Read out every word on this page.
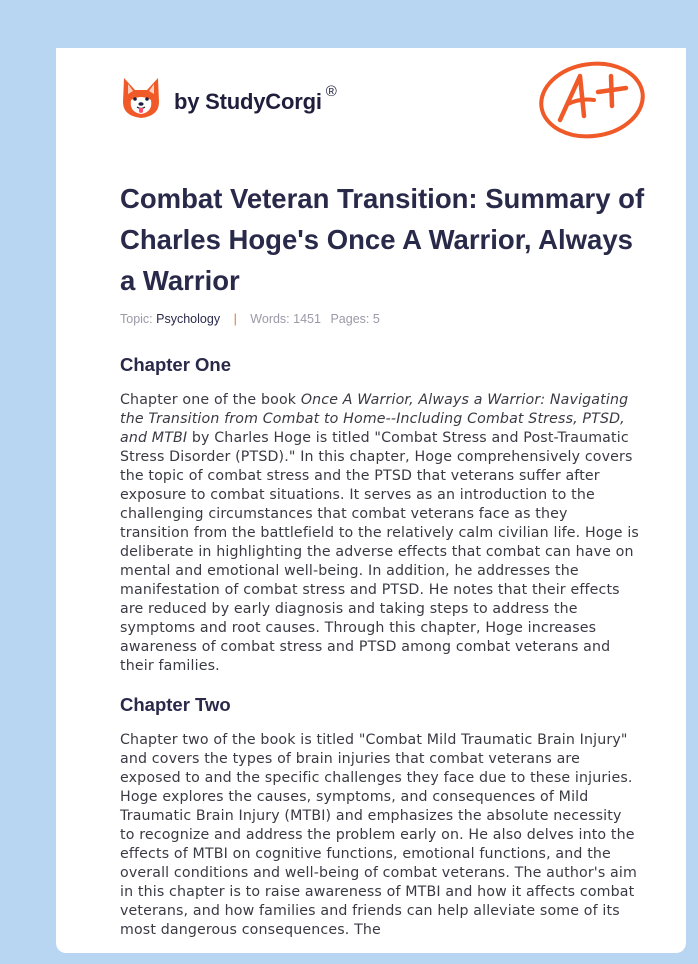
by StudyCorgi ®
Combat Veteran Transition: Summary of Charles Hoge's Once A Warrior, Always a Warrior
Topic: Psychology | Words: 1451 Pages: 5
Chapter One

Chapter one of the book Once A Warrior, Always a Warrior: Navigating the Transition from Combat to Home--Including Combat Stress, PTSD, and MTBI by Charles Hoge is titled "Combat Stress and Post-Traumatic Stress Disorder (PTSD)." In this chapter, Hoge comprehensively covers the topic of combat stress and the PTSD that veterans suffer after exposure to combat situations. It serves as an introduction to the challenging circumstances that combat veterans face as they transition from the battlefield to the relatively calm civilian life. Hoge is deliberate in highlighting the adverse effects that combat can have on mental and emotional well-being. In addition, he addresses the manifestation of combat stress and PTSD. He notes that their effects are reduced by early diagnosis and taking steps to address the symptoms and root causes. Through this chapter, Hoge increases awareness of combat stress and PTSD among combat veterans and their families.

Chapter Two

Chapter two of the book is titled "Combat Mild Traumatic Brain Injury" and covers the types of brain injuries that combat veterans are exposed to and the specific challenges they face due to these injuries. Hoge explores the causes, symptoms, and consequences of Mild Traumatic Brain Injury (MTBI) and emphasizes the absolute necessity to recognize and address the problem early on. He also delves into the effects of MTBI on cognitive functions, emotional functions, and the overall conditions and well-being of combat veterans. The author's aim in this chapter is to raise awareness of MTBI and how it affects combat veterans, and how families and friends can help alleviate some of its most dangerous consequences. The
